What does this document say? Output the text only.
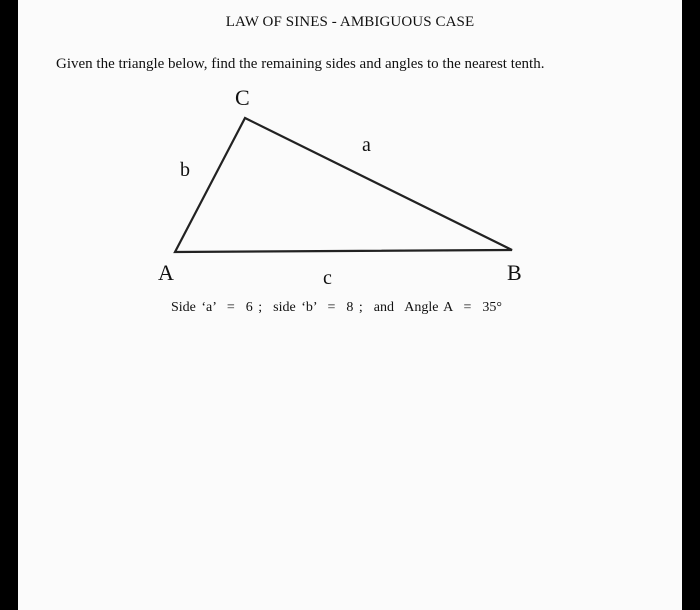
LAW OF SINES - AMBIGUOUS CASE
Given the triangle below, find the remaining sides and angles to the nearest tenth.
C
A	B
a
b
c
Side ‘a’  =  6 ;  side ‘b’  =  8 ;  and  Angle A  =  35°
